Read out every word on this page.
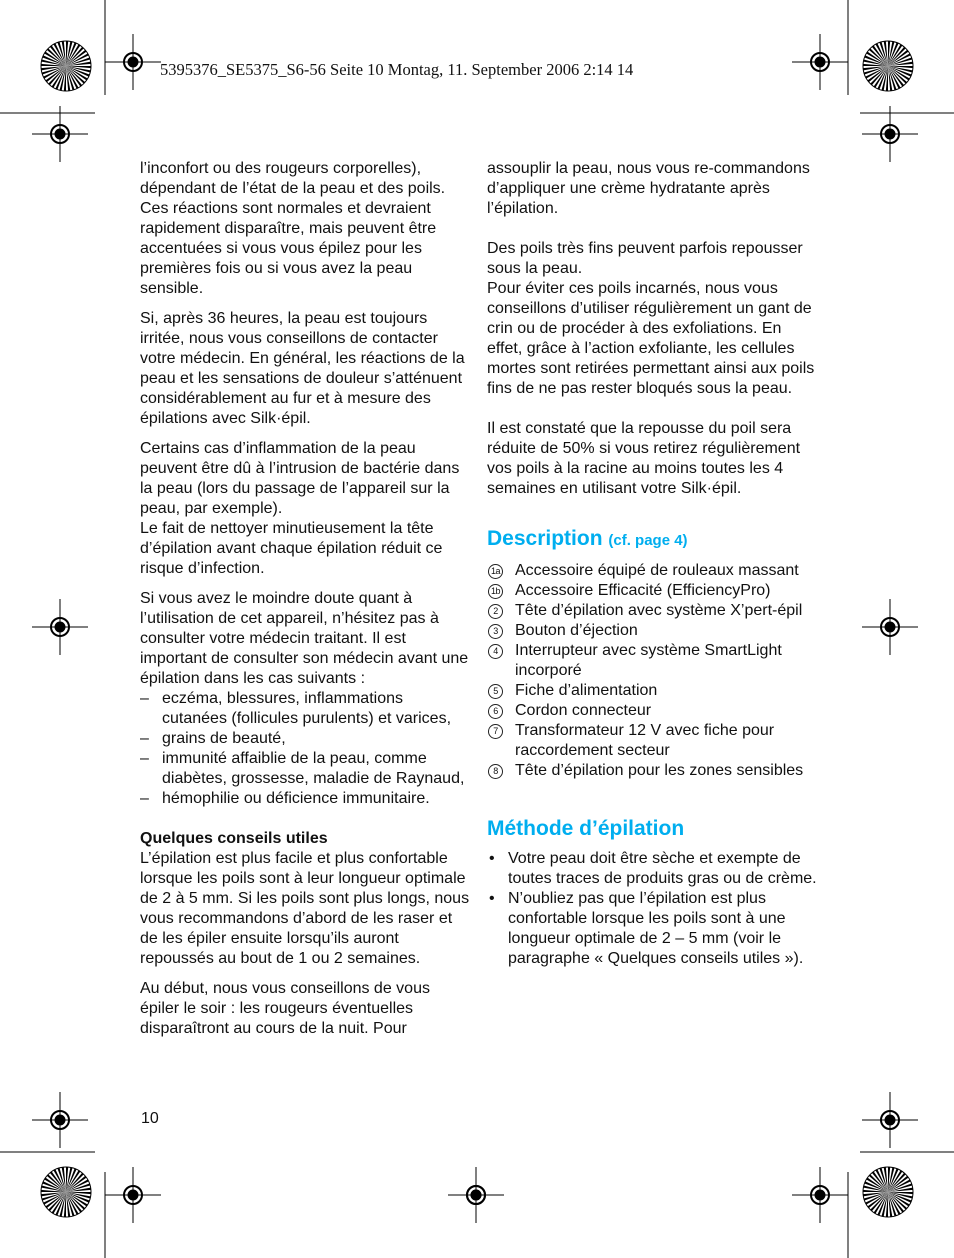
5395376_SE5375_S6-56 Seite 10 Montag, 11. September 2006 2:14 14

l’inconfort ou des rougeurs corporelles), dépendant de l’état de la peau et des poils. Ces réactions sont normales et devraient rapidement disparaître, mais peuvent être accentuées si vous vous épilez pour les premières fois ou si vous avez la peau sensible.

Si, après 36 heures, la peau est toujours irritée, nous vous conseillons de contacter votre médecin. En général, les réactions de la peau et les sensations de douleur s’atténuent considérablement au fur et à mesure des épilations avec Silk·épil.

Certains cas d’inflammation de la peau peuvent être dû à l’intrusion de bactérie dans la peau (lors du passage de l’appareil sur la peau, par exemple).

Le fait de nettoyer minutieusement la tête d’épilation avant chaque épilation réduit ce risque d’infection.

Si vous avez le moindre doute quant à l’utilisation de cet appareil, n’hésitez pas à consulter votre médecin traitant. Il est important de consulter son médecin avant une épilation dans les cas suivants :

– eczéma, blessures, inflammations cutanées (follicules purulents) et varices,
– grains de beauté,
– immunité affaiblie de la peau, comme diabètes, grossesse, maladie de Raynaud,
– hémophilie ou déficience immunitaire.

Quelques conseils utiles

L’épilation est plus facile et plus confortable lorsque les poils sont à leur longueur optimale de 2 à 5 mm. Si les poils sont plus longs, nous vous recommandons d’abord de les raser et de les épiler ensuite lorsqu’ils auront repoussés au bout de 1 ou 2 semaines.

Au début, nous vous conseillons de vous épiler le soir : les rougeurs éventuelles disparaîtront au cours de la nuit. Pour

assouplir la peau, nous vous re-commandons d’appliquer une crème hydratante après l’épilation.

Des poils très fins peuvent parfois repousser sous la peau.

Pour éviter ces poils incarnés, nous vous conseillons d’utiliser régulièrement un gant de crin ou de procéder à des exfoliations. En effet, grâce à l’action exfoliante, les cellules mortes sont retirées permettant ainsi aux poils fins de ne pas rester bloqués sous la peau.

Il est constaté que la repousse du poil sera réduite de 50% si vous retirez régulièrement vos poils à la racine au moins toutes les 4 semaines en utilisant votre Silk·épil.

Description (cf. page 4)
1a Accessoire équipé de rouleaux massant
1b Accessoire Efficacité (EfficiencyPro)
2	Tête d’épilation avec système X’pert-épil
3	Bouton d’éjection
4	Interrupteur avec système SmartLight incorporé
5	Fiche d’alimentation
6	Cordon connecteur
7	Transformateur 12 V avec fiche pour raccordement secteur
8	Tête d’épilation pour les zones sensibles
Méthode d’épilation
• Votre peau doit être sèche et exempte de toutes traces de produits gras ou de crème.
• N’oubliez pas que l’épilation est plus confortable lorsque les poils sont à une longueur optimale de 2 – 5 mm (voir le paragraphe « Quelques conseils utiles »).
10
